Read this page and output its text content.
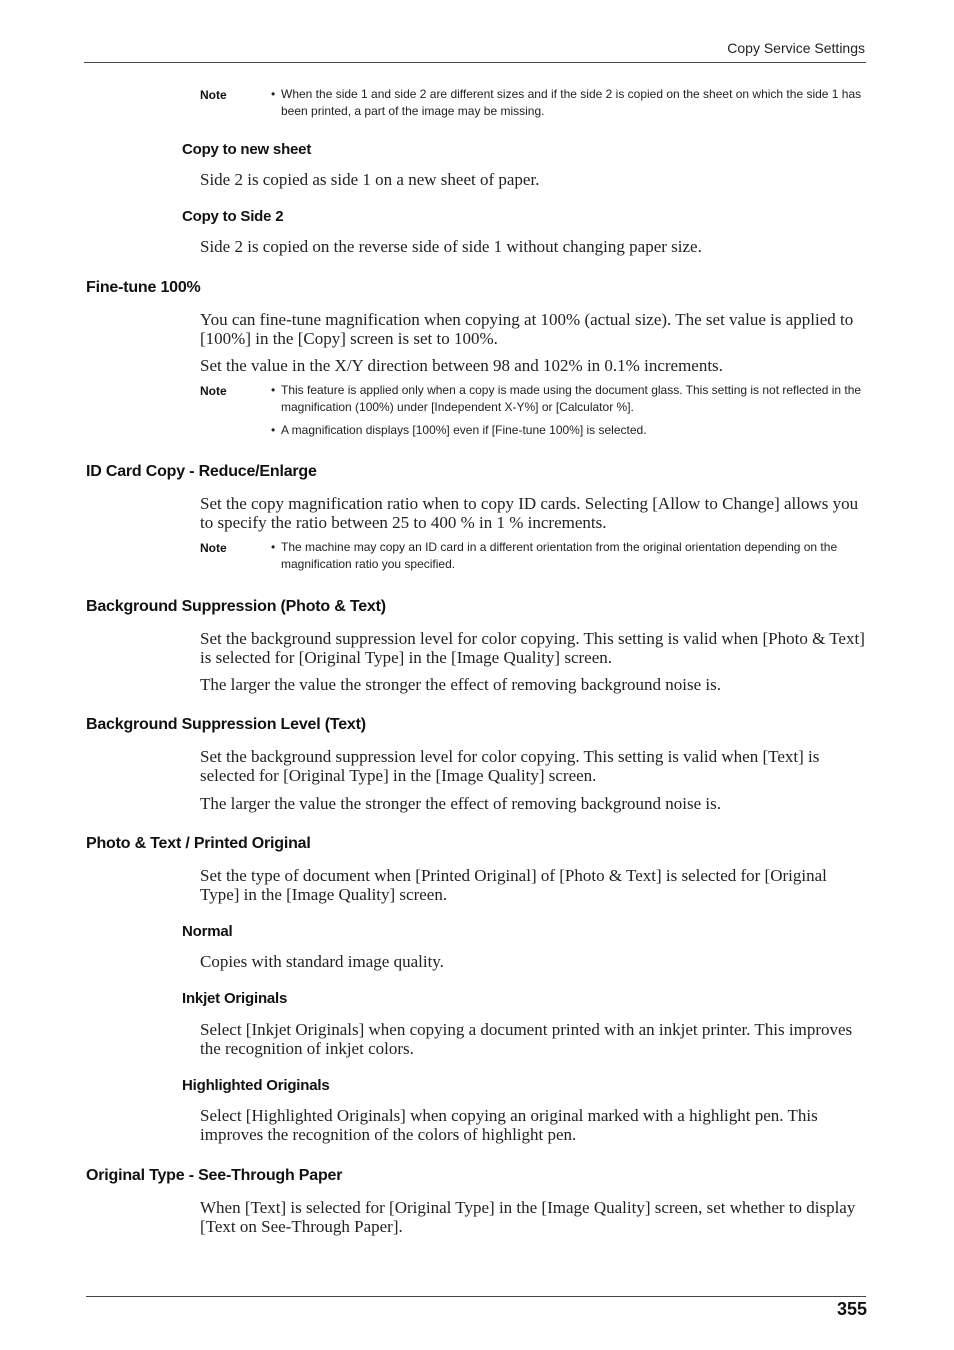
Copy Service Settings
Note	• When the side 1 and side 2 are different sizes and if the side 2 is copied on the sheet on which the side 1 has been printed, a part of the image may be missing.
Copy to new sheet
Side 2 is copied as side 1 on a new sheet of paper.
Copy to Side 2
Side 2 is copied on the reverse side of side 1 without changing paper size.
Fine-tune 100%
You can fine-tune magnification when copying at 100% (actual size). The set value is applied to [100%] in the [Copy] screen is set to 100%.
Set the value in the X/Y direction between 98 and 102% in 0.1% increments.
Note	• This feature is applied only when a copy is made using the document glass. This setting is not reflected in the magnification (100%) under [Independent X-Y%] or [Calculator %].
• A magnification displays [100%] even if [Fine-tune 100%] is selected.
ID Card Copy - Reduce/Enlarge
Set the copy magnification ratio when to copy ID cards. Selecting [Allow to Change] allows you to specify the ratio between 25 to 400 % in 1 % increments.
Note	• The machine may copy an ID card in a different orientation from the original orientation depending on the magnification ratio you specified.
Background Suppression (Photo & Text)
Set the background suppression level for color copying. This setting is valid when [Photo & Text] is selected for [Original Type] in the [Image Quality] screen.
The larger the value the stronger the effect of removing background noise is.
Background Suppression Level (Text)
Set the background suppression level for color copying. This setting is valid when [Text] is selected for [Original Type] in the [Image Quality] screen.
The larger the value the stronger the effect of removing background noise is.
Photo & Text / Printed Original
Set the type of document when [Printed Original] of [Photo & Text] is selected for [Original Type] in the [Image Quality] screen.
Normal
Copies with standard image quality.
Inkjet Originals
Select [Inkjet Originals] when copying a document printed with an inkjet printer. This improves the recognition of inkjet colors.
Highlighted Originals
Select [Highlighted Originals] when copying an original marked with a highlight pen. This improves the recognition of the colors of highlight pen.
Original Type - See-Through Paper
When [Text] is selected for [Original Type] in the [Image Quality] screen, set whether to display [Text on See-Through Paper].
355
